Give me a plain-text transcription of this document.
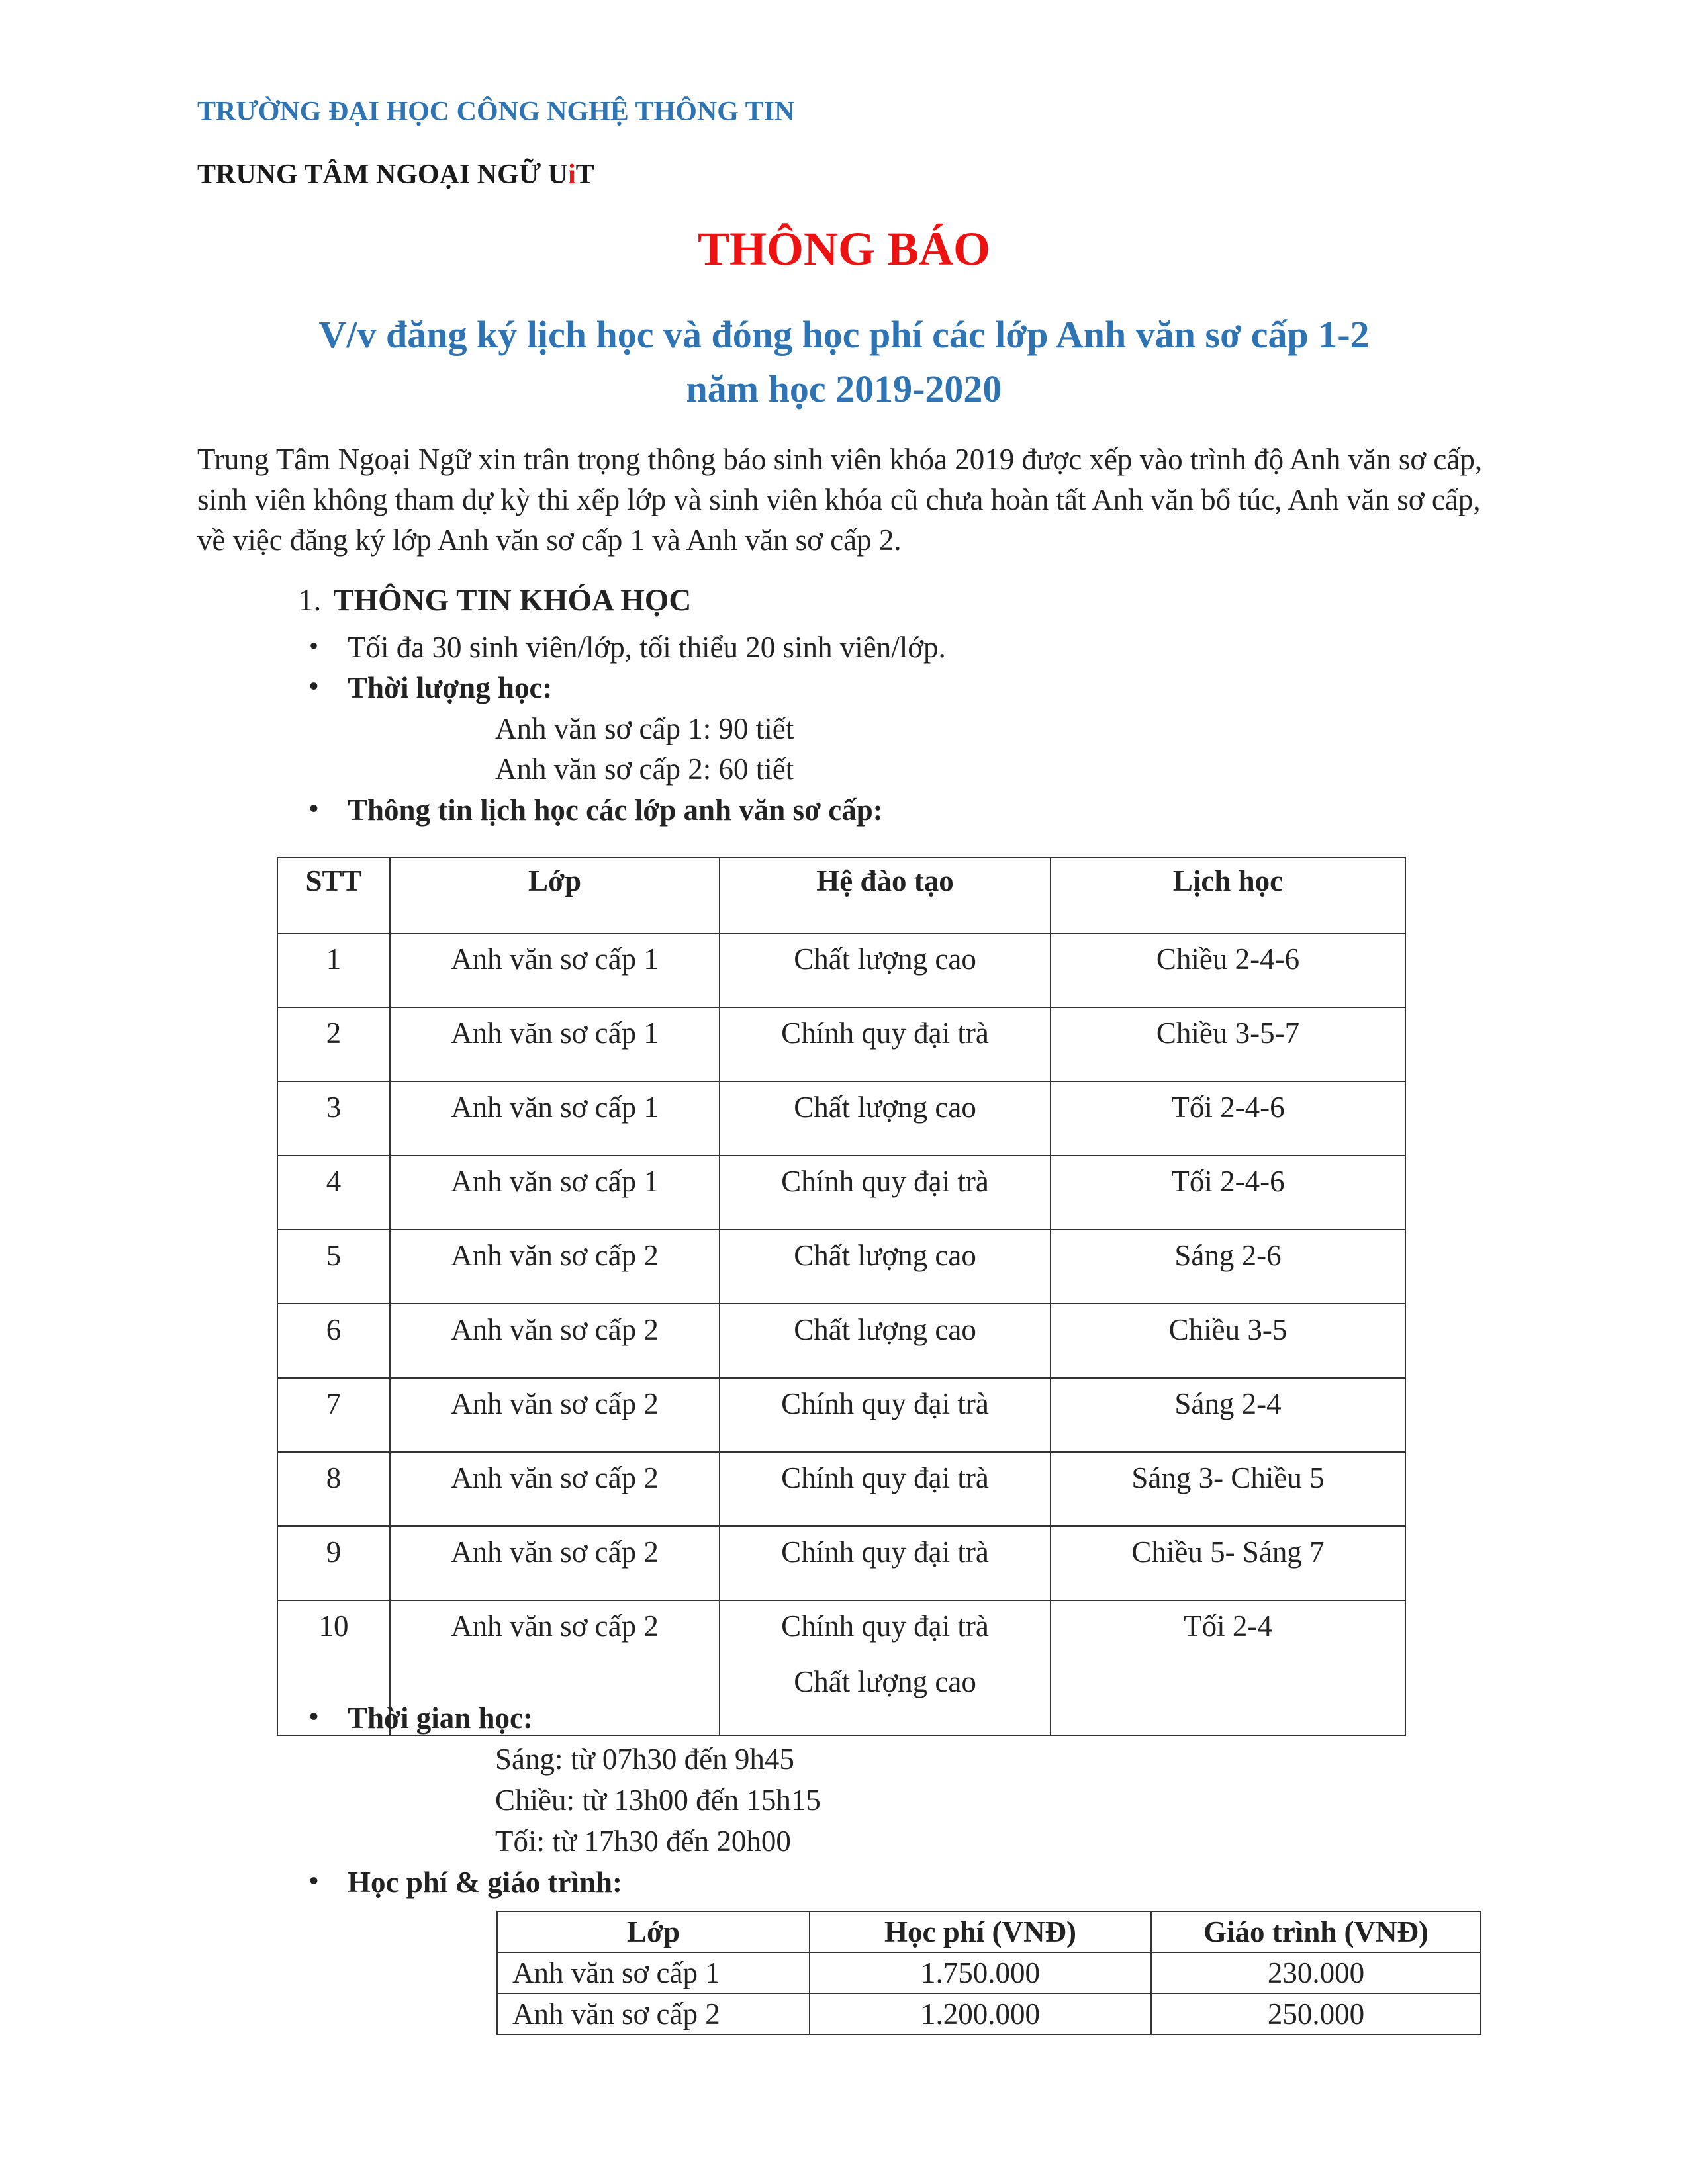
TRƯỜNG ĐẠI HỌC CÔNG NGHỆ THÔNG TIN
TRUNG TÂM NGOẠI NGỮ UiT
THÔNG BÁO
V/v đăng ký lịch học và đóng học phí các lớp Anh văn sơ cấp 1-2
năm học 2019-2020
Trung Tâm Ngoại Ngữ xin trân trọng thông báo sinh viên khóa 2019 được xếp vào trình độ Anh văn sơ cấp, sinh viên không tham dự kỳ thi xếp lớp và sinh viên khóa cũ chưa hoàn tất Anh văn bổ túc, Anh văn sơ cấp, về việc đăng ký lớp Anh văn sơ cấp 1 và Anh văn sơ cấp 2.
1. THÔNG TIN KHÓA HỌC
• Tối đa 30 sinh viên/lớp, tối thiểu 20 sinh viên/lớp.
• Thời lượng học:
Anh văn sơ cấp 1: 90 tiết
Anh văn sơ cấp 2: 60 tiết
• Thông tin lịch học các lớp anh văn sơ cấp:
STT	Lớp	Hệ đào tạo	Lịch học
1	Anh văn sơ cấp 1	Chất lượng cao	Chiều 2-4-6
2	Anh văn sơ cấp 1	Chính quy đại trà	Chiều 3-5-7
3	Anh văn sơ cấp 1	Chất lượng cao	Tối 2-4-6
4	Anh văn sơ cấp 1	Chính quy đại trà	Tối 2-4-6
5	Anh văn sơ cấp 2	Chất lượng cao	Sáng 2-6
6	Anh văn sơ cấp 2	Chất lượng cao	Chiều 3-5
7	Anh văn sơ cấp 2	Chính quy đại trà	Sáng 2-4
8	Anh văn sơ cấp 2	Chính quy đại trà	Sáng 3- Chiều 5
9	Anh văn sơ cấp 2	Chính quy đại trà	Chiều 5- Sáng 7
10	Anh văn sơ cấp 2	Chính quy đại trà
Chất lượng cao	Tối 2-4
• Thời gian học:
Sáng: từ 07h30 đến 9h45
Chiều: từ 13h00 đến 15h15
Tối: từ 17h30 đến 20h00
• Học phí & giáo trình:
Lớp	Học phí (VNĐ)	Giáo trình (VNĐ)
Anh văn sơ cấp 1	1.750.000	230.000
Anh văn sơ cấp 2	1.200.000	250.000
